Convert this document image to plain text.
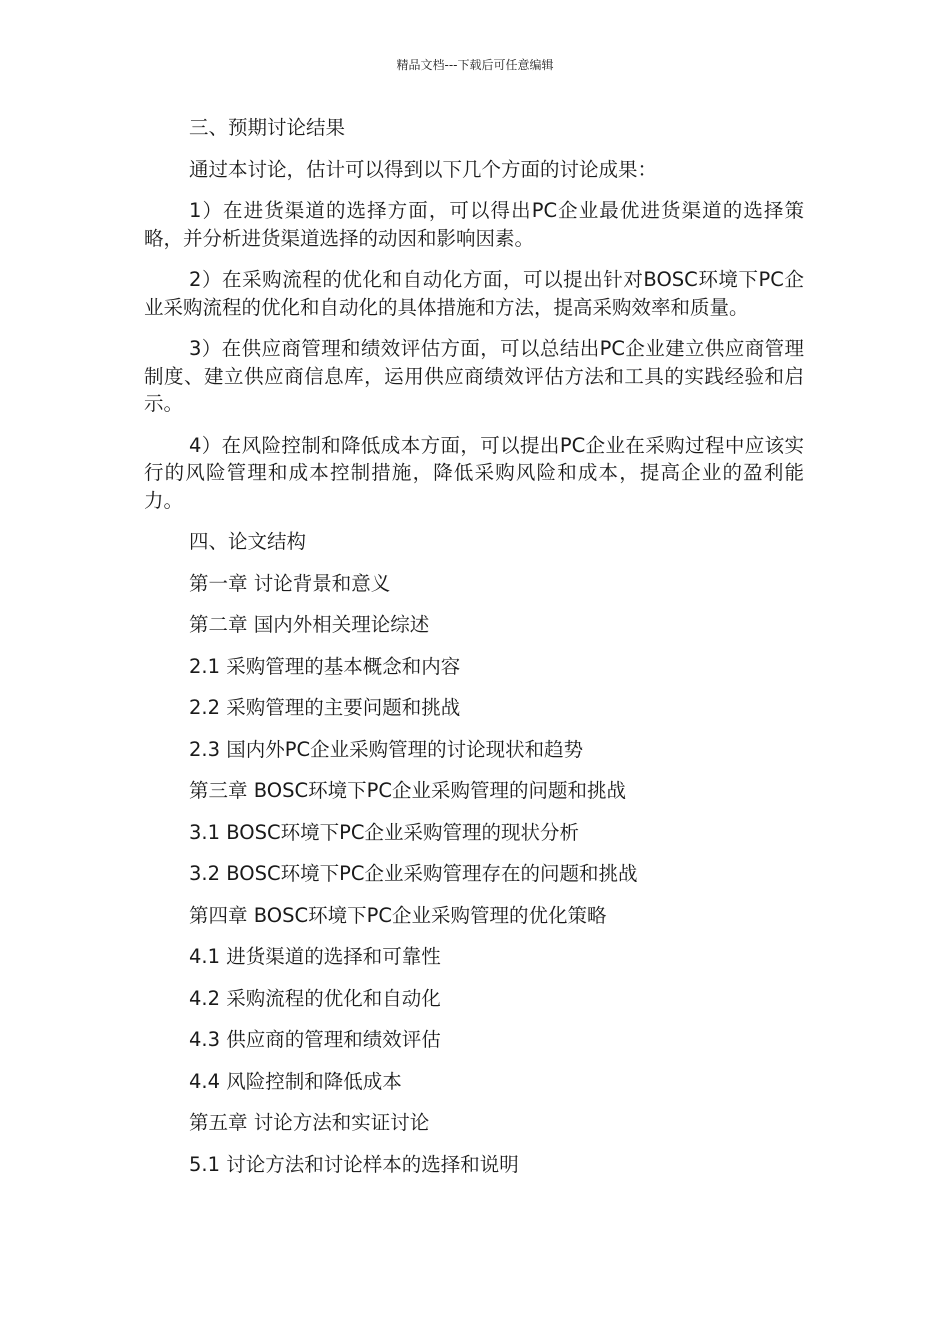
精品文档---下载后可任意编辑

三、预期讨论结果

通过本讨论，估计可以得到以下几个方面的讨论成果：

1）在进货渠道的选择方面，可以得出PC企业最优进货渠道的选择策略，并分析进货渠道选择的动因和影响因素。

2）在采购流程的优化和自动化方面，可以提出针对BOSC环境下PC企业采购流程的优化和自动化的具体措施和方法，提高采购效率和质量。

3）在供应商管理和绩效评估方面，可以总结出PC企业建立供应商管理制度、建立供应商信息库，运用供应商绩效评估方法和工具的实践经验和启示。

4）在风险控制和降低成本方面，可以提出PC企业在采购过程中应该实行的风险管理和成本控制措施，降低采购风险和成本，提高企业的盈利能力。

四、论文结构

第一章 讨论背景和意义

第二章 国内外相关理论综述

2.1 采购管理的基本概念和内容

2.2 采购管理的主要问题和挑战

2.3 国内外PC企业采购管理的讨论现状和趋势

第三章 BOSC环境下PC企业采购管理的问题和挑战

3.1 BOSC环境下PC企业采购管理的现状分析

3.2 BOSC环境下PC企业采购管理存在的问题和挑战

第四章 BOSC环境下PC企业采购管理的优化策略

4.1 进货渠道的选择和可靠性

4.2 采购流程的优化和自动化

4.3 供应商的管理和绩效评估

4.4 风险控制和降低成本

第五章 讨论方法和实证讨论

5.1 讨论方法和讨论样本的选择和说明
